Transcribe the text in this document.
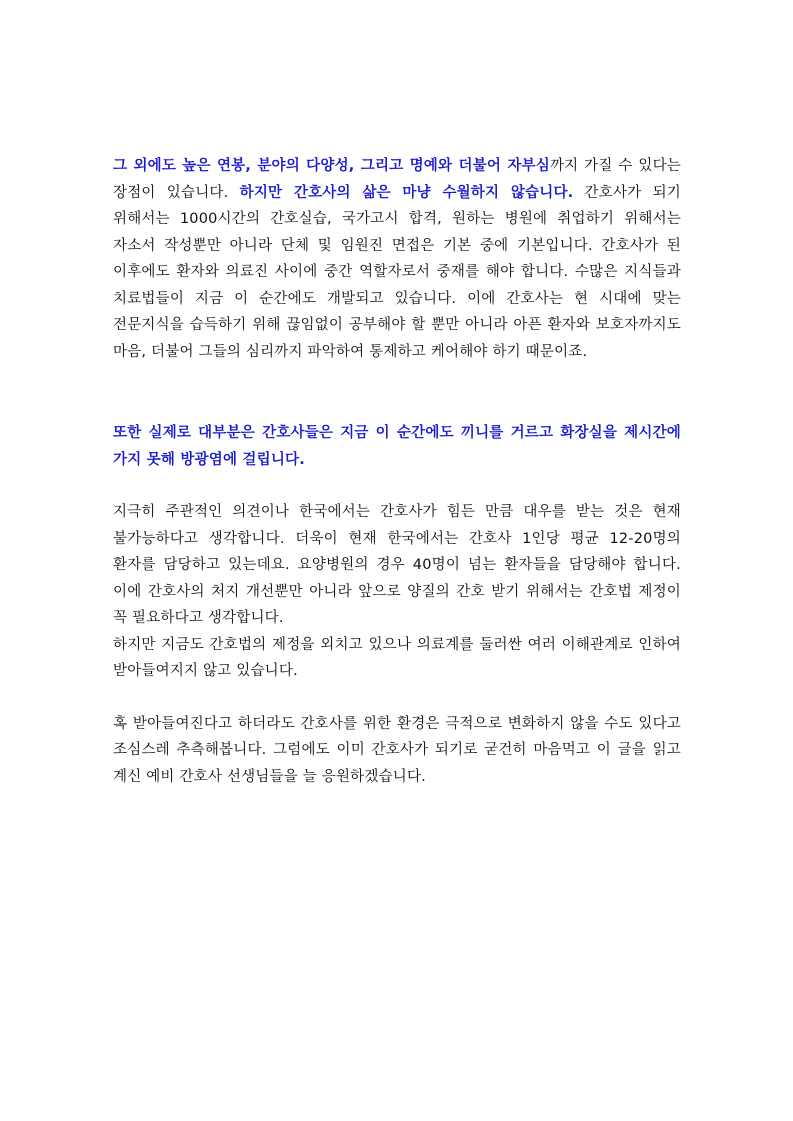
그 외에도 높은 연봉, 분야의 다양성, 그리고 명예와 더불어 자부심까지 가질 수 있다는 장점이 있습니다. 하지만 간호사의 삶은 마냥 수월하지 않습니다. 간호사가 되기 위해서는 1000시간의 간호실습, 국가고시 합격, 원하는 병원에 취업하기 위해서는 자소서 작성뿐만 아니라 단체 및 임원진 면접은 기본 중에 기본입니다. 간호사가 된 이후에도 환자와 의료진 사이에 중간 역할자로서 중재를 해야 합니다. 수많은 지식들과 치료법들이 지금 이 순간에도 개발되고 있습니다. 이에 간호사는 현 시대에 맞는 전문지식을 습득하기 위해 끊임없이 공부해야 할 뿐만 아니라 아픈 환자와 보호자까지도 마음, 더불어 그들의 심리까지 파악하여 통제하고 케어해야 하기 때문이죠.

또한 실제로 대부분은 간호사들은 지금 이 순간에도 끼니를 거르고 화장실을 제시간에 가지 못해 방광염에 걸립니다.

지극히 주관적인 의견이나 한국에서는 간호사가 힘든 만큼 대우를 받는 것은 현재 불가능하다고 생각합니다. 더욱이 현재 한국에서는 간호사 1인당 평균 12-20명의 환자를 담당하고 있는데요. 요양병원의 경우 40명이 넘는 환자들을 담당해야 합니다. 이에 간호사의 처지 개선뿐만 아니라 앞으로 양질의 간호 받기 위해서는 간호법 제정이 꼭 필요하다고 생각합니다.

하지만 지금도 간호법의 제정을 외치고 있으나 의료계를 둘러싼 여러 이해관계로 인하여 받아들여지지 않고 있습니다.

혹 받아들여진다고 하더라도 간호사를 위한 환경은 극적으로 변화하지 않을 수도 있다고 조심스레 추측해봅니다. 그럼에도 이미 간호사가 되기로 굳건히 마음먹고 이 글을 읽고 계신 예비 간호사 선생님들을 늘 응원하겠습니다.
